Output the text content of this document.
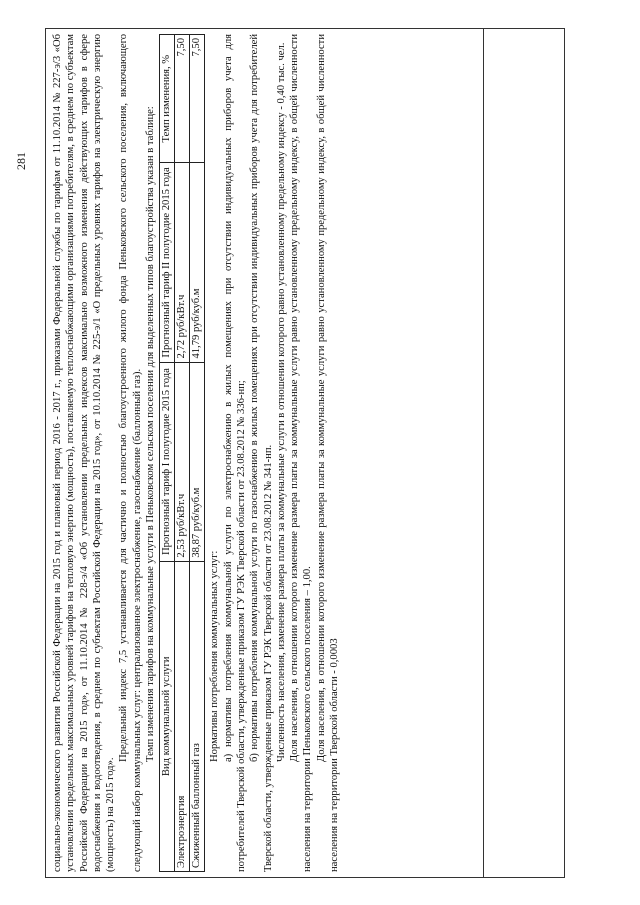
281 социально-экономического развития Российской Федерации на 2015 год и плановый период 2016 - 2017 г., приказами Федеральной службы по тарифам от 11.10.2014 № 227-э/3 «Об установлении предельных максимальных уровней тарифов на тепловую энергию (мощность), поставляемую теплоснабжающими организациями потребителям, в среднем по субъектам Российской Федерации на 2015 год», от 11.10.2014 № 228-э/4 «Об установлении предельных индексов максимально возможного изменения действующих тарифов в сфере водоснабжения и водоотведения, в среднем по субъектам Российской Федерации на 2015 год», от 10.10.2014 № 225-э/1 «О предельных уровнях тарифов на электрическую энергию (мощность) на 2015 год».

Предельный индекс 7,5 устанавливается для частично и полностью благоустроенного жилого фонда Пеньковского сельского поселения, включающего следующий набор коммунальных услуг: централизованное электроснабжение, газоснабжение (баллонный газ). Темп изменения тарифов на коммунальные услуги в Пеньковском сельском поселении для выделенных типов благоустройства указан в таблице: Вид коммунальной услуги	Прогнозный тариф I полугодие 2015 года	Прогнозный тариф II полугодие 2015 года	Темп изменения, %
Электроэнергия	2,53 руб/кВт.ч	2,72 руб/кВт.ч	7,50
Сжиженный баллонный газ	38,87 руб/куб.м	41,79 руб/куб.м	7,50

Нормативы потребления коммунальных услуг: а) нормативы потребления коммунальной услуги по электроснабжению в жилых помещениях при отсутствии индивидуальных приборов учета для потребителей Тверской области, утвержденные приказом ГУ РЭК Тверской области от 23.08.2012 № 336-нп; б) нормативы потребления коммунальной услуги по газоснабжению в жилых помещениях при отсутствии индивидуальных приборов учета для потребителей Тверской области, утвержденные приказом ГУ РЭК Тверской области от 23.08.2012 № 341-нп. Численность населения, изменение размера платы за коммунальные услуги в отношении которого равно установленному предельному индексу - 0,40 тыс. чел. Доля населения, в отношении которого изменение размера платы за коммунальные услуги равно установленному предельному индексу, в общей численности населения на территории Пеньковского сельского поселения – 1,00. Доля населения, в отношении которого изменение размера платы за коммунальные услуги равно установленному предельному индексу, в общей численности населения на территории Тверской области - 0,0003
